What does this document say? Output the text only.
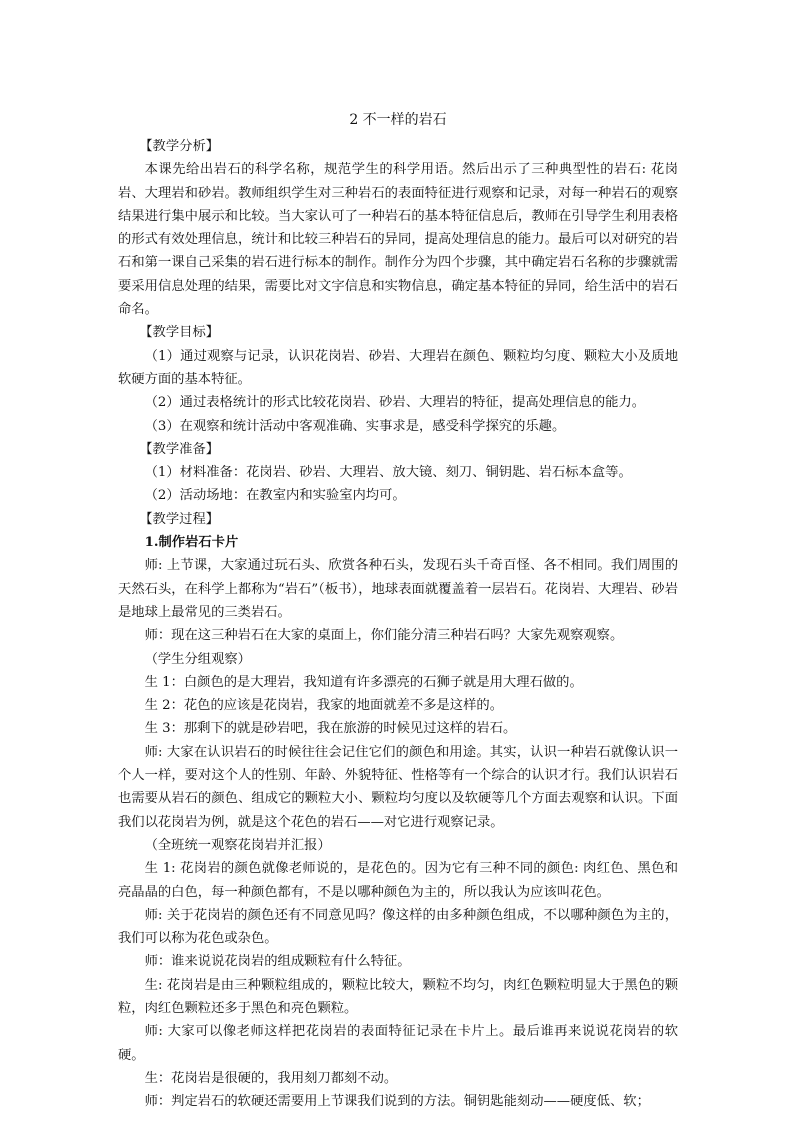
2 不一样的岩石

【教学分析】

本课先给出岩石的科学名称，规范学生的科学用语。然后出示了三种典型性的岩石: 花岗岩、大理岩和砂岩。教师组织学生对三种岩石的表面特征进行观察和记录，对每一种岩石的观察结果进行集中展示和比较。当大家认可了一种岩石的基本特征信息后，教师在引导学生利用表格的形式有效处理信息，统计和比较三种岩石的异同，提高处理信息的能力。最后可以对研究的岩石和第一课自己采集的岩石进行标本的制作。制作分为四个步骤，其中确定岩石名称的步骤就需要采用信息处理的结果，需要比对文字信息和实物信息，确定基本特征的异同，给生活中的岩石命名。

【教学目标】

（1）通过观察与记录，认识花岗岩、砂岩、大理岩在颜色、颗粒均匀度、颗粒大小及质地软硬方面的基本特征。

（2）通过表格统计的形式比较花岗岩、砂岩、大理岩的特征，提高处理信息的能力。

（3）在观察和统计活动中客观准确、实事求是，感受科学探究的乐趣。

【教学准备】

（1）材料准备：花岗岩、砂岩、大理岩、放大镜、刻刀、铜钥匙、岩石标本盒等。

（2）活动场地：在教室内和实验室内均可。

【教学过程】

1.制作岩石卡片

师: 上节课，大家通过玩石头、欣赏各种石头，发现石头千奇百怪、各不相同。我们周围的天然石头，在科学上都称为“岩石”（板书），地球表面就覆盖着一层岩石。花岗岩、大理岩、砂岩是地球上最常见的三类岩石。

师：现在这三种岩石在大家的桌面上，你们能分清三种岩石吗？大家先观察观察。

（学生分组观察）

生 1：白颜色的是大理岩，我知道有许多漂亮的石狮子就是用大理石做的。

生 2：花色的应该是花岗岩，我家的地面就差不多是这样的。

生 3：那剩下的就是砂岩吧，我在旅游的时候见过这样的岩石。

师: 大家在认识岩石的时候往往会记住它们的颜色和用途。其实，认识一种岩石就像认识一个人一样，要对这个人的性别、年龄、外貌特征、性格等有一个综合的认识才行。我们认识岩石也需要从岩石的颜色、组成它的颗粒大小、颗粒均匀度以及软硬等几个方面去观察和认识。下面我们以花岗岩为例，就是这个花色的岩石——对它进行观察记录。

（全班统一观察花岗岩并汇报）

生 1: 花岗岩的颜色就像老师说的，是花色的。因为它有三种不同的颜色: 肉红色、黑色和亮晶晶的白色，每一种颜色都有，不是以哪种颜色为主的，所以我认为应该叫花色。

师: 关于花岗岩的颜色还有不同意见吗？像这样的由多种颜色组成，不以哪种颜色为主的，我们可以称为花色或杂色。

师：谁来说说花岗岩的组成颗粒有什么特征。

生: 花岗岩是由三种颗粒组成的，颗粒比较大，颗粒不均匀，肉红色颗粒明显大于黑色的颗粒，肉红色颗粒还多于黑色和亮色颗粒。

师: 大家可以像老师这样把花岗岩的表面特征记录在卡片上。最后谁再来说说花岗岩的软硬。

生：花岗岩是很硬的，我用刻刀都刻不动。

师：判定岩石的软硬还需要用上节课我们说到的方法。铜钥匙能刻动——硬度低、软；
